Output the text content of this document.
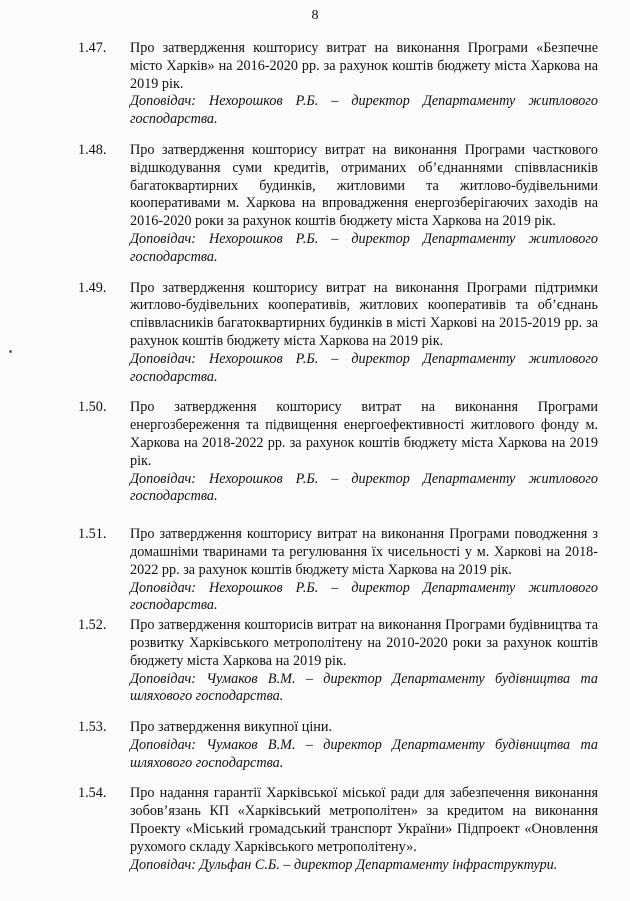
8
1.47.	Про затвердження кошторису витрат на виконання Програми «Безпечне місто Харків» на 2016-2020 рр. за рахунок коштів бюджету міста Харкова на 2019 рік.

Доповідач: Нехорошков Р.Б. – директор Департаменту житлового господарства.

1.48.	Про затвердження кошторису витрат на виконання Програми часткового відшкодування суми кредитів, отриманих об’єднаннями співвласників багатоквартирних будинків, житловими та житлово-будівельними кооперативами м. Харкова на впровадження енергозберігаючих заходів на 2016-2020 роки за рахунок коштів бюджету міста Харкова на 2019 рік.

Доповідач: Нехорошков Р.Б. – директор Департаменту житлового господарства.

1.49.	Про затвердження кошторису витрат на виконання Програми підтримки житлово-будівельних кооперативів, житлових кооперативів та об’єднань співвласників багатоквартирних будинків в місті Харкові на 2015-2019 рр. за рахунок коштів бюджету міста Харкова на 2019 рік.

Доповідач: Нехорошков Р.Б. – директор Департаменту житлового господарства.

1.50.	Про затвердження кошторису витрат на виконання Програми енергозбереження та підвищення енергоефективності житлового фонду м. Харкова на 2018-2022 рр. за рахунок коштів бюджету міста Харкова на 2019 рік.

Доповідач: Нехорошков Р.Б. – директор Департаменту житлового господарства.

1.51.	Про затвердження кошторису витрат на виконання Програми поводження з домашніми тваринами та регулювання їх чисельності у м. Харкові на 2018-2022 рр. за рахунок коштів бюджету міста Харкова на 2019 рік.

Доповідач: Нехорошков Р.Б. – директор Департаменту житлового господарства.

1.52.	Про затвердження кошторисів витрат на виконання Програми будівництва та розвитку Харківського метрополітену на 2010-2020 роки за рахунок коштів бюджету міста Харкова на 2019 рік.

Доповідач: Чумаков В.М. – директор Департаменту будівництва та шляхового господарства.

1.53.	Про затвердження викупної ціни.

Доповідач: Чумаков В.М. – директор Департаменту будівництва та шляхового господарства.

1.54.	Про надання гарантії Харківської міської ради для забезпечення виконання зобов’язань КП «Харківський метрополітен» за кредитом на виконання Проекту «Міський громадський транспорт України» Підпроект «Оновлення рухомого складу Харківського метрополітену».

Доповідач: Дульфан С.Б. – директор Департаменту інфраструктури.
